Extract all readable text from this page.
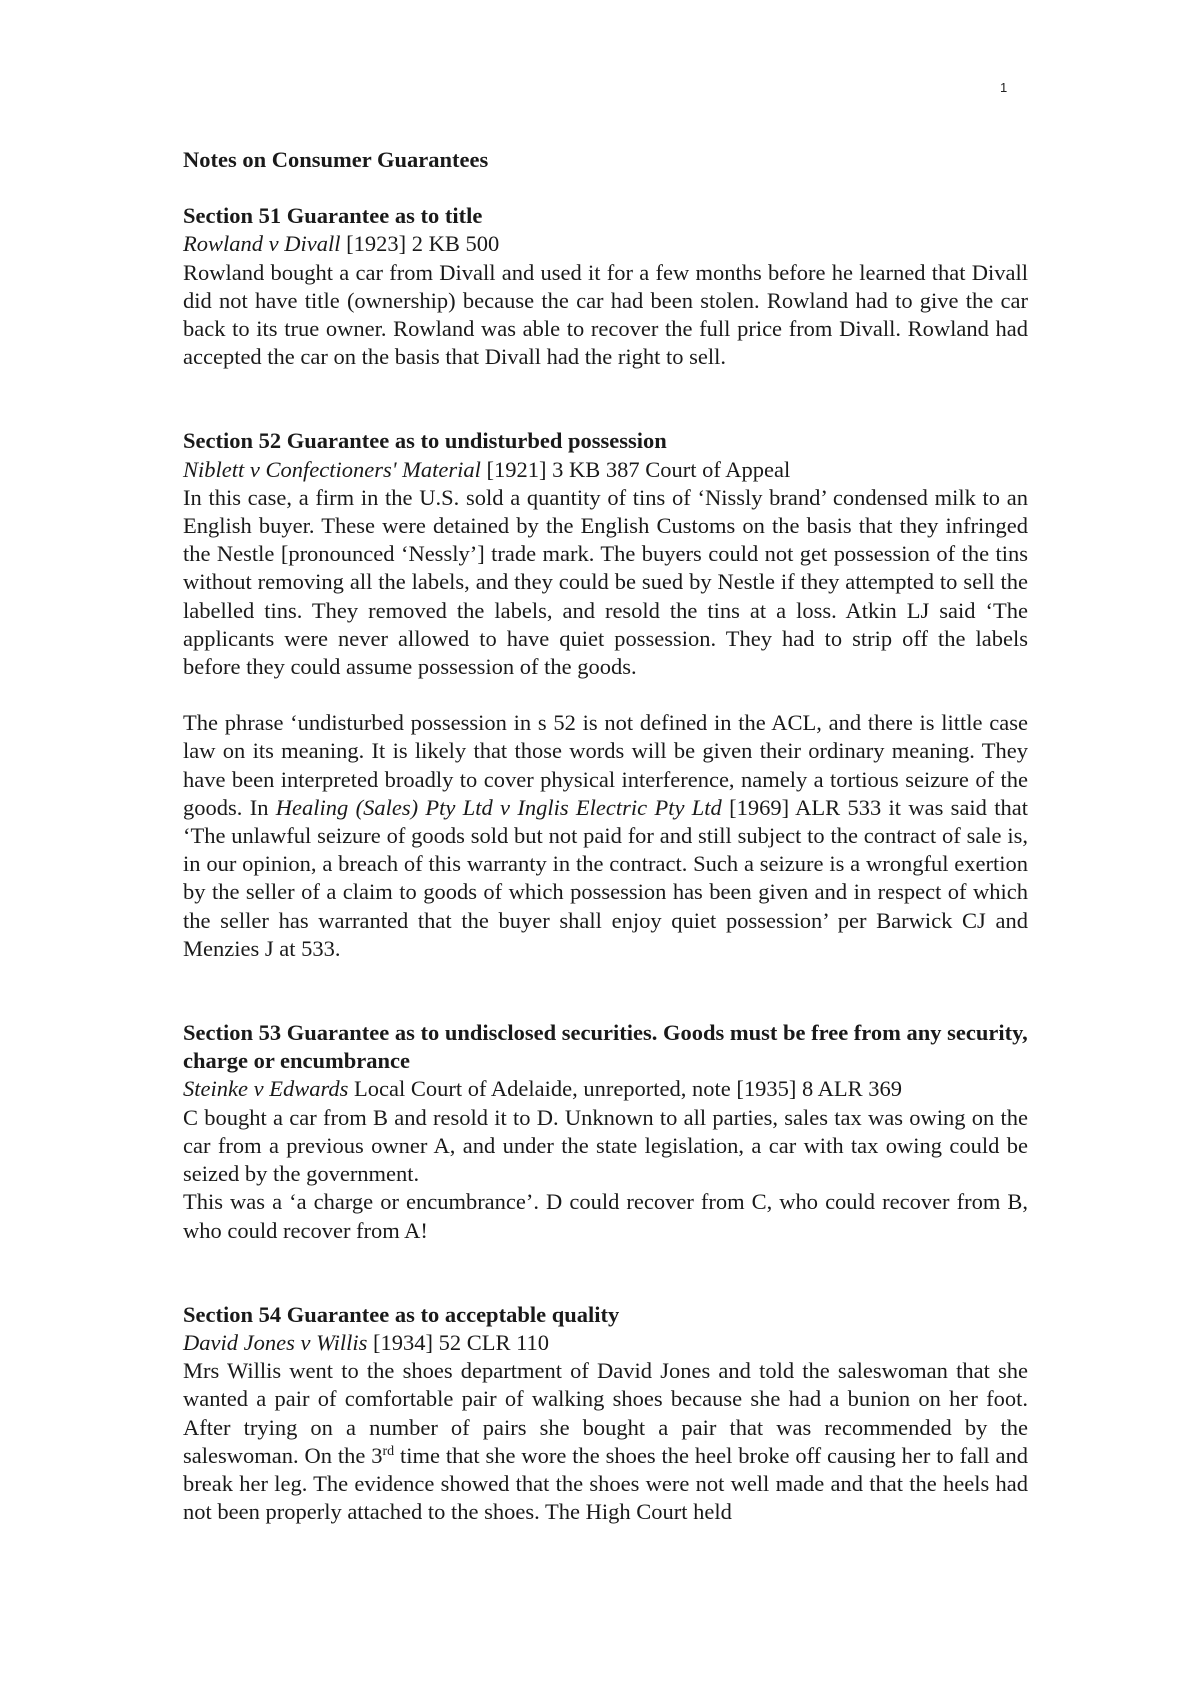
1
Notes on Consumer Guarantees
Section 51 Guarantee as to title
Rowland v Divall [1923] 2 KB 500

Rowland bought a car from Divall and used it for a few months before he learned that Divall did not have title (ownership) because the car had been stolen. Rowland had to give the car back to its true owner. Rowland was able to recover the full price from Divall. Rowland had accepted the car on the basis that Divall had the right to sell.

Section 52 Guarantee as to undisturbed possession
Niblett v Confectioners' Material [1921] 3 KB 387 Court of Appeal

In this case, a firm in the U.S. sold a quantity of tins of ‘Nissly brand’ condensed milk to an English buyer. These were detained by the English Customs on the basis that they infringed the Nestle [pronounced ‘Nessly’] trade mark. The buyers could not get possession of the tins without removing all the labels, and they could be sued by Nestle if they attempted to sell the labelled tins. They removed the labels, and resold the tins at a loss. Atkin LJ said ‘The applicants were never allowed to have quiet possession. They had to strip off the labels before they could assume possession of the goods.

The phrase ‘undisturbed possession in s 52 is not defined in the ACL, and there is little case law on its meaning. It is likely that those words will be given their ordinary meaning. They have been interpreted broadly to cover physical interference, namely a tortious seizure of the goods. In Healing (Sales) Pty Ltd v Inglis Electric Pty Ltd [1969] ALR 533 it was said that ‘The unlawful seizure of goods sold but not paid for and still subject to the contract of sale is, in our opinion, a breach of this warranty in the contract. Such a seizure is a wrongful exertion by the seller of a claim to goods of which possession has been given and in respect of which the seller has warranted that the buyer shall enjoy quiet possession’ per Barwick CJ and Menzies J at 533.

Section 53 Guarantee as to undisclosed securities. Goods must be free from any security, charge or encumbrance
Steinke v Edwards Local Court of Adelaide, unreported, note [1935] 8 ALR 369

C bought a car from B and resold it to D. Unknown to all parties, sales tax was owing on the car from a previous owner A, and under the state legislation, a car with tax owing could be seized by the government.

This was a ‘a charge or encumbrance’. D could recover from C, who could recover from B, who could recover from A!

Section 54 Guarantee as to acceptable quality
David Jones v Willis [1934] 52 CLR 110

Mrs Willis went to the shoes department of David Jones and told the saleswoman that she wanted a pair of comfortable pair of walking shoes because she had a bunion on her foot. After trying on a number of pairs she bought a pair that was recommended by the saleswoman. On the 3rd time that she wore the shoes the heel broke off causing her to fall and break her leg. The evidence showed that the shoes were not well made and that the heels had not been properly attached to the shoes. The High Court held
